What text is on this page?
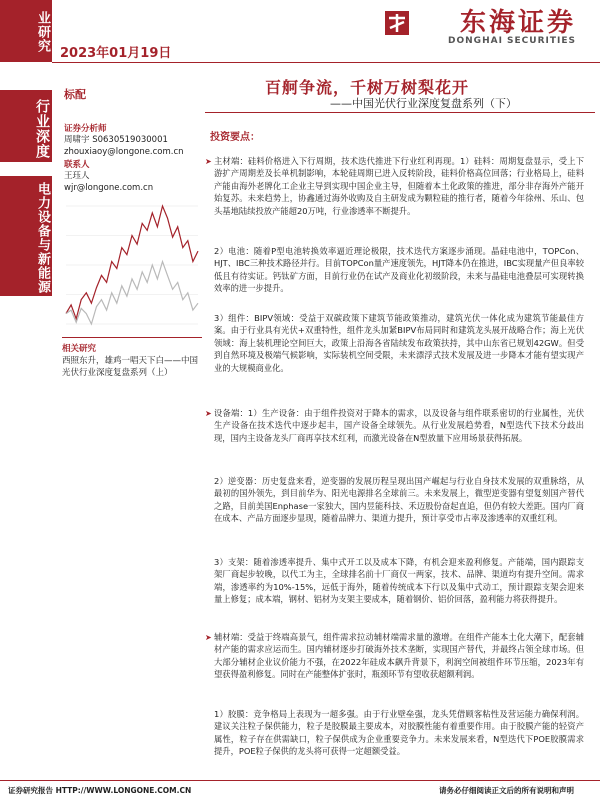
业研究
行业深度
电力设备与新能源
2023年01月19日
东海证券
DONGHAI SECURITIES
标配
证券分析师
周啸宇 S0630519030001
zhouxiaoy@longone.com.cn
联系人
王珏人
wjr@longone.com.cn
相关研究
西照东升，雄鸡一唱天下白——中国光伏行业深度复盘系列（上）
百舸争流，千树万树梨花开
——中国光伏行业深度复盘系列（下）
投资要点：
➤ 主材端：硅料价格进入下行周期，技术迭代推进下行业红利再现。1）硅料：周期复盘显示，受上下游扩产周期差及长单机制影响，本轮硅周期已进入反转阶段，硅料价格高位回落；行业格局上，硅料产能由海外老牌化工企业主导到实现中国企业主导，但随着本土化政策的推进，部分非存海外产能开始复苏。未来趋势上，协鑫通过海外收购及自主研发成为颗粒硅的推行者，随着今年徐州、乐山、包头基地陆续投放产能超20万吨，行业渗透率不断提升。
2）电池：随着P型电池转换效率逼近理论极限，技术迭代方案逐步涌现。晶硅电池中，TOPCon、HJT、IBC三种技术路径并行。目前TOPCon量产速度领先，HJT降本仍在推进，IBC实现量产但良率较低且有待实证。钙钛矿方面，目前行业仍在试产及商业化初级阶段，未来与晶硅电池叠层可实现转换效率的进一步提升。
3）组件：BIPV领域：受益于双碳政策下建筑节能政策推动，建筑光伏一体化成为建筑节能最佳方案。由于行业具有光伏+双重特性，组件龙头加紧BIPV布局同时和建筑龙头展开战略合作；海上光伏领域：海上装机理论空间巨大，政策上沿海各省陆续发布政策扶持，其中山东省已规划42GW。但受到自然环境及极端气候影响，实际装机空间受限，未来漂浮式技术发展及进一步降本才能有望实现产业的大规模商业化。
➤ 设备端：1）生产设备：由于组件投资对于降本的需求，以及设备与组件联系密切的行业属性，光伏生产设备在技术迭代中逐步起丰，国产设备全球领先。从行业发展趋势看，N型迭代下技术分歧出现，国内主设备龙头厂商再享技术红利，而激光设备在N型放量下应用场景获得拓展。
2）逆变器：历史复盘来看，逆变器的发展历程呈现出国产崛起与行业自身技术发展的双重脉络，从最初的国外领先，到目前华为、阳光电源排名全球前三。未来发展上，微型逆变器有望复刻国产替代之路，目前美国Enphase一家独大，国内昱能科技、禾迈股份奋起直追，但仍有较大差距。国内厂商在成本、产品方面逐步显现，随着品牌力、渠道力提升，预计享受市占率及渗透率的双重红利。
3）支架：随着渗透率提升、集中式开工以及成本下降，有机会迎来盈利修复。产能端，国内跟踪支架厂商起步较晚，以代工为主，全球排名前十厂商仅一两家，技术、品牌、渠道均有提升空间。需求端，渗透率约为10%-15%，远低于海外，随着传统成本下行以及集中式动工，预计跟踪支架会迎来量上修复；成本端，钢材、铝材为支架主要成本，随着钢价、铝价回落，盈利能力将获得提升。
➤ 辅材端：受益于终端高景气，组件需求拉动辅材端需求量的激增。在组件产能本土化大潮下，配套辅材产能的需求应运而生。国内辅材逐步打破海外技术垄断，实现国产替代，并最终占领全球市场。但大部分辅材企业议价能力不强，在2022年硅成本飙升背景下，利润空间被组件环节压缩，2023年有望获得盈利修复。同时在产能整体扩张时，瓶颈环节有望收获超额利润。
1）胶膜：竞争格局上表现为一超多强。由于行业壁垒强，龙头凭借顾客粘性及营运能力确保利润。建议关注粒子保供能力，粒子是胶膜最主要成本，对胶膜性能有着重要作用。由于胶膜产能的轻资产属性，粒子存在供需缺口，粒子保供成为企业重要竞争力。未来发展来看，N型迭代下POE胶膜需求提升，POE粒子保供的龙头将可获得一定超额受益。
证券研究报告 HTTP://WWW.LONGONE.COM.CN	请务必仔细阅读正文后的所有说明和声明
